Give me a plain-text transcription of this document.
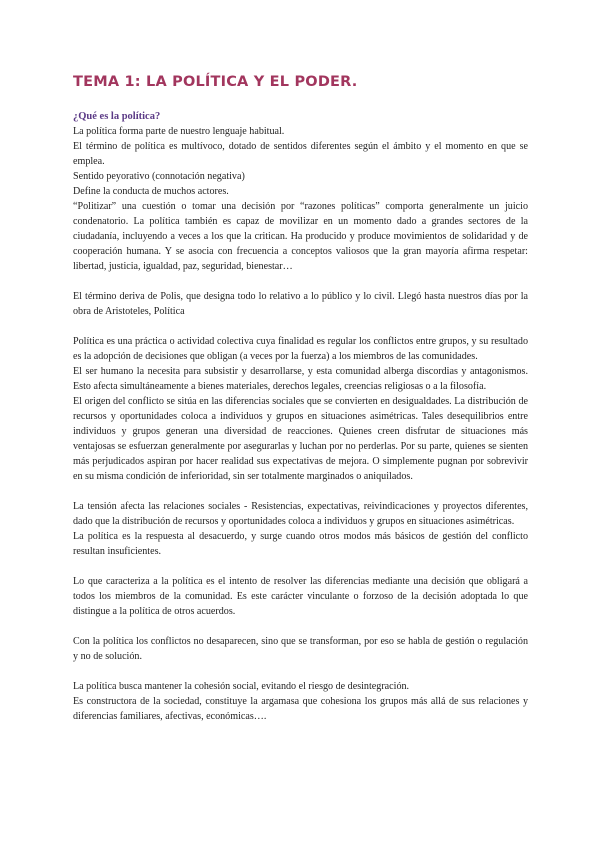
TEMA 1: LA POLÍTICA Y EL PODER.
¿Qué es la política?

La política forma parte de nuestro lenguaje habitual.

El término de política es multívoco, dotado de sentidos diferentes según el ámbito y el momento en que se emplea.

Sentido peyorativo (connotación negativa)

Define la conducta de muchos actores.

“Politizar” una cuestión o tomar una decisión por “razones políticas” comporta generalmente un juicio condenatorio. La política también es capaz de movilizar en un momento dado a grandes sectores de la ciudadanía, incluyendo a veces a los que la critican. Ha producido y produce movimientos de solidaridad y de cooperación humana. Y se asocia con frecuencia a conceptos valiosos que la gran mayoría afirma respetar: libertad, justicia, igualdad, paz, seguridad, bienestar…

El término deriva de Polis, que designa todo lo relativo a lo público y lo civil. Llegó hasta nuestros días por la obra de Aristoteles, Política

Política es una práctica o actividad colectiva cuya finalidad es regular los conflictos entre grupos, y su resultado es la adopción de decisiones que obligan (a veces por la fuerza) a los miembros de las comunidades.

El ser humano la necesita para subsistir y desarrollarse, y esta comunidad alberga discordias y antagonismos. Esto afecta simultáneamente a bienes materiales, derechos legales, creencias religiosas o a la filosofía.

El origen del conflicto se sitúa en las diferencias sociales que se convierten en desigualdades. La distribución de recursos y oportunidades coloca a individuos y grupos en situaciones asimétricas. Tales desequilibrios entre individuos y grupos generan una diversidad de reacciones. Quienes creen disfrutar de situaciones más ventajosas se esfuerzan generalmente por asegurarlas y luchan por no perderlas. Por su parte, quienes se sienten más perjudicados aspiran por hacer realidad sus expectativas de mejora. O simplemente pugnan por sobrevivir en su misma condición de inferioridad, sin ser totalmente marginados o aniquilados.

La tensión afecta las relaciones sociales - Resistencias, expectativas, reivindicaciones y proyectos diferentes, dado que la distribución de recursos y oportunidades coloca a individuos y grupos en situaciones asimétricas.

La política es la respuesta al desacuerdo, y surge cuando otros modos más básicos de gestión del conflicto resultan insuficientes.

Lo que caracteriza a la política es el intento de resolver las diferencias mediante una decisión que obligará a todos los miembros de la comunidad. Es este carácter vinculante o forzoso de la decisión adoptada lo que distingue a la política de otros acuerdos.

Con la política los conflictos no desaparecen, sino que se transforman, por eso se habla de gestión o regulación y no de solución.

La política busca mantener la cohesión social, evitando el riesgo de desintegración.

Es constructora de la sociedad, constituye la argamasa que cohesiona los grupos más allá de sus relaciones y diferencias familiares, afectivas, económicas….
